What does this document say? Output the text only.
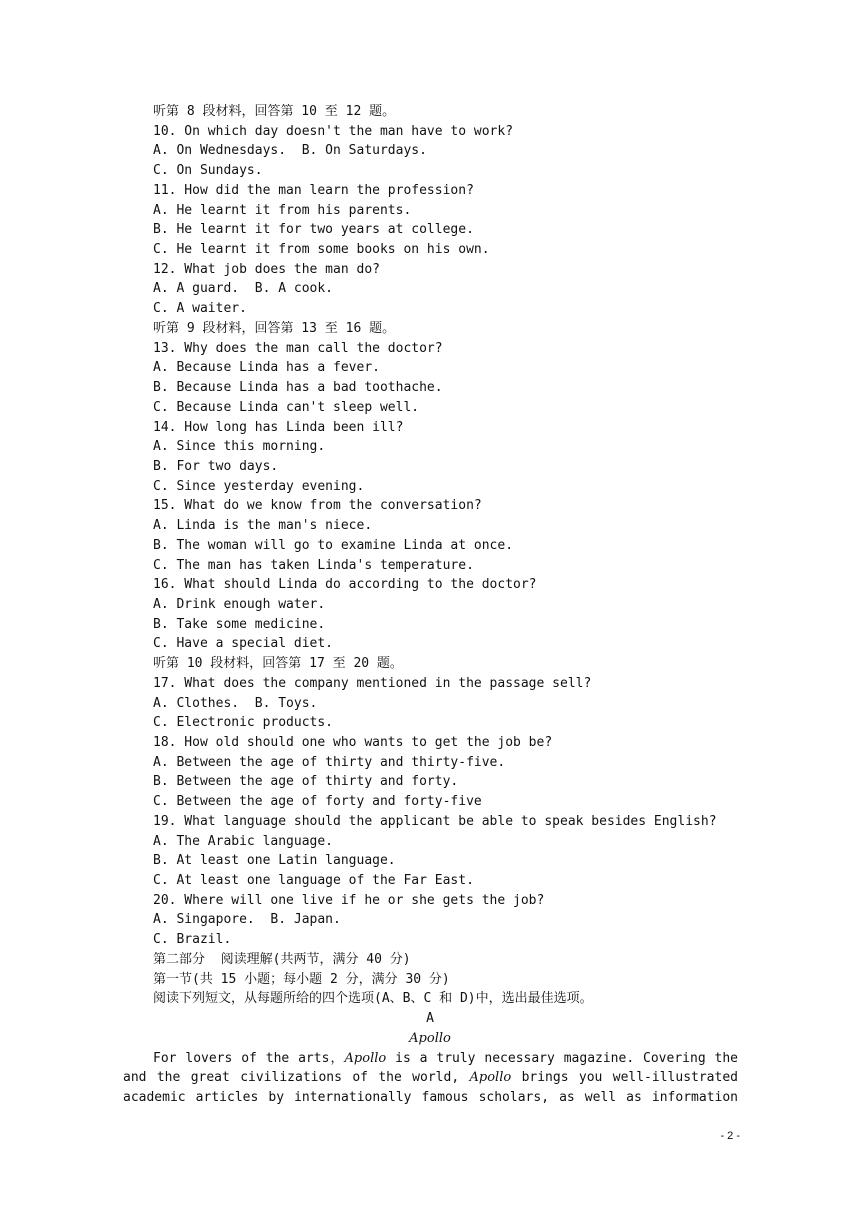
听第 8 段材料，回答第 10 至 12 题。
10. On which day doesn't the man have to work?
A. On Wednesdays.  B. On Saturdays.
C. On Sundays.
11. How did the man learn the profession?
A. He learnt it from his parents.
B. He learnt it for two years at college.
C. He learnt it from some books on his own.
12. What job does the man do?
A. A guard.  B. A cook.
C. A waiter.
听第 9 段材料，回答第 13 至 16 题。
13. Why does the man call the doctor?
A. Because Linda has a fever.
B. Because Linda has a bad toothache.
C. Because Linda can't sleep well.
14. How long has Linda been ill?
A. Since this morning.
B. For two days.
C. Since yesterday evening.
15. What do we know from the conversation?
A. Linda is the man's niece.
B. The woman will go to examine Linda at once.
C. The man has taken Linda's temperature.
16. What should Linda do according to the doctor?
A. Drink enough water.
B. Take some medicine.
C. Have a special diet.
听第 10 段材料，回答第 17 至 20 题。
17. What does the company mentioned in the passage sell?
A. Clothes.  B. Toys.
C. Electronic products.
18. How old should one who wants to get the job be?
A. Between the age of thirty and thirty-five.
B. Between the age of thirty and forty.
C. Between the age of forty and forty-five
19. What language should the applicant be able to speak besides English?
A. The Arabic language.
B. At least one Latin language.
C. At least one language of the Far East.
20. Where will one live if he or she gets the job?
A. Singapore.  B. Japan.
C. Brazil.
第二部分  阅读理解(共两节，满分 40 分)
第一节(共 15 小题；每小题 2 分，满分 30 分)
阅读下列短文，从每题所给的四个选项(A、B、C 和 D)中，选出最佳选项。
A
Apollo
For lovers of the arts，Apollo is a truly necessary magazine. Covering the
and the great civilizations of the world, Apollo brings you well-illustrated
academic articles by internationally famous scholars, as well as information
- 2 -
